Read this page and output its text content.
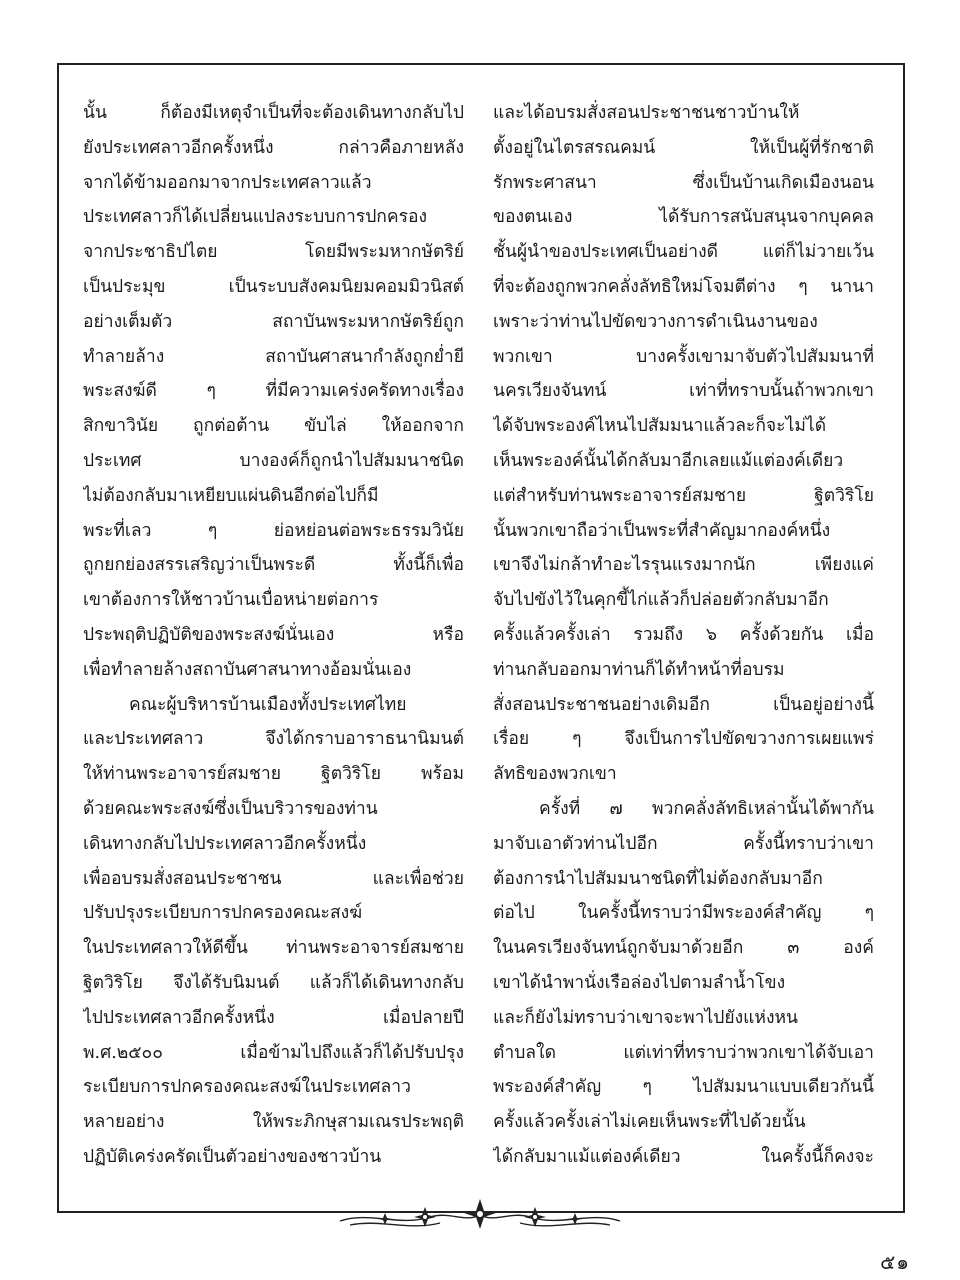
นั้น ก็ต้องมีเหตุจำเป็นที่จะต้องเดินทางกลับไป

ยังประเทศลาวอีกครั้งหนึ่ง กล่าวคือภายหลัง

จากได้ข้ามออกมาจากประเทศลาวแล้ว

ประเทศลาวก็ได้เปลี่ยนแปลงระบบการปกครอง

จากประชาธิปไตย โดยมีพระมหากษัตริย์

เป็นประมุข เป็นระบบสังคมนิยมคอมมิวนิสต์

อย่างเต็มตัว สถาบันพระมหากษัตริย์ถูก

ทำลายล้าง สถาบันศาสนากำลังถูกย่ำยี

พระสงฆ์ดี ๆ ที่มีความเคร่งครัดทางเรื่อง

สิกขาวินัย ถูกต่อต้าน ขับไล่ ให้ออกจาก

ประเทศ บางองค์ก็ถูกนำไปสัมมนาชนิด

ไม่ต้องกลับมาเหยียบแผ่นดินอีกต่อไปก็มี

พระที่เลว ๆ ย่อหย่อนต่อพระธรรมวินัย

ถูกยกย่องสรรเสริญว่าเป็นพระดี ทั้งนี้ก็เพื่อ

เขาต้องการให้ชาวบ้านเบื่อหน่ายต่อการ

ประพฤติปฏิบัติของพระสงฆ์นั่นเอง หรือ

เพื่อทำลายล้างสถาบันศาสนาทางอ้อมนั่นเอง

คณะผู้บริหารบ้านเมืองทั้งประเทศไทย

และประเทศลาว จึงได้กราบอาราธนานิมนต์

ให้ท่านพระอาจารย์สมชาย ฐิตวิริโย พร้อม

ด้วยคณะพระสงฆ์ซึ่งเป็นบริวารของท่าน

เดินทางกลับไปประเทศลาวอีกครั้งหนึ่ง

เพื่ออบรมสั่งสอนประชาชน และเพื่อช่วย

ปรับปรุงระเบียบการปกครองคณะสงฆ์

ในประเทศลาวให้ดีขึ้น ท่านพระอาจารย์สมชาย

ฐิตวิริโย จึงได้รับนิมนต์ แล้วก็ได้เดินทางกลับ

ไปประเทศลาวอีกครั้งหนึ่ง เมื่อปลายปี

พ.ศ.๒๕๐๐ เมื่อข้ามไปถึงแล้วก็ได้ปรับปรุง

ระเบียบการปกครองคณะสงฆ์ในประเทศลาว

หลายอย่าง ให้พระภิกษุสามเณรประพฤติ

ปฏิบัติเคร่งครัดเป็นตัวอย่างของชาวบ้าน

และได้อบรมสั่งสอนประชาชนชาวบ้านให้

ตั้งอยู่ในไตรสรณคมน์ ให้เป็นผู้ที่รักชาติ

รักพระศาสนา ซึ่งเป็นบ้านเกิดเมืองนอน

ของตนเอง ได้รับการสนับสนุนจากบุคคล

ชั้นผู้นำของประเทศเป็นอย่างดี แต่ก็ไม่วายเว้น

ที่จะต้องถูกพวกคลั่งลัทธิใหม่โจมตีต่าง ๆ นานา

เพราะว่าท่านไปขัดขวางการดำเนินงานของ

พวกเขา บางครั้งเขามาจับตัวไปสัมมนาที่

นครเวียงจันทน์ เท่าที่ทราบนั้นถ้าพวกเขา

ได้จับพระองค์ไหนไปสัมมนาแล้วละก็จะไม่ได้

เห็นพระองค์นั้นได้กลับมาอีกเลยแม้แต่องค์เดียว

แต่สำหรับท่านพระอาจารย์สมชาย ฐิตวิริโย

นั้นพวกเขาถือว่าเป็นพระที่สำคัญมากองค์หนึ่ง

เขาจึงไม่กล้าทำอะไรรุนแรงมากนัก เพียงแค่

จับไปขังไว้ในคุกขี้ไก่แล้วก็ปล่อยตัวกลับมาอีก

ครั้งแล้วครั้งเล่า รวมถึง ๖ ครั้งด้วยกัน เมื่อ

ท่านกลับออกมาท่านก็ได้ทำหน้าที่อบรม

สั่งสอนประชาชนอย่างเดิมอีก เป็นอยู่อย่างนี้

เรื่อย ๆ จึงเป็นการไปขัดขวางการเผยแพร่

ลัทธิของพวกเขา

ครั้งที่ ๗ พวกคลั่งลัทธิเหล่านั้นได้พากัน

มาจับเอาตัวท่านไปอีก ครั้งนี้ทราบว่าเขา

ต้องการนำไปสัมมนาชนิดที่ไม่ต้องกลับมาอีก

ต่อไป ในครั้งนี้ทราบว่ามีพระองค์สำคัญ ๆ

ในนครเวียงจันทน์ถูกจับมาด้วยอีก ๓ องค์

เขาได้นำพานั่งเรือล่องไปตามลำน้ำโขง

และก็ยังไม่ทราบว่าเขาจะพาไปยังแห่งหน

ตำบลใด แต่เท่าที่ทราบว่าพวกเขาได้จับเอา

พระองค์สำคัญ ๆ ไปสัมมนาแบบเดียวกันนี้

ครั้งแล้วครั้งเล่าไม่เคยเห็นพระที่ไปด้วยนั้น

ได้กลับมาแม้แต่องค์เดียว ในครั้งนี้ก็คงจะ

๕๑
